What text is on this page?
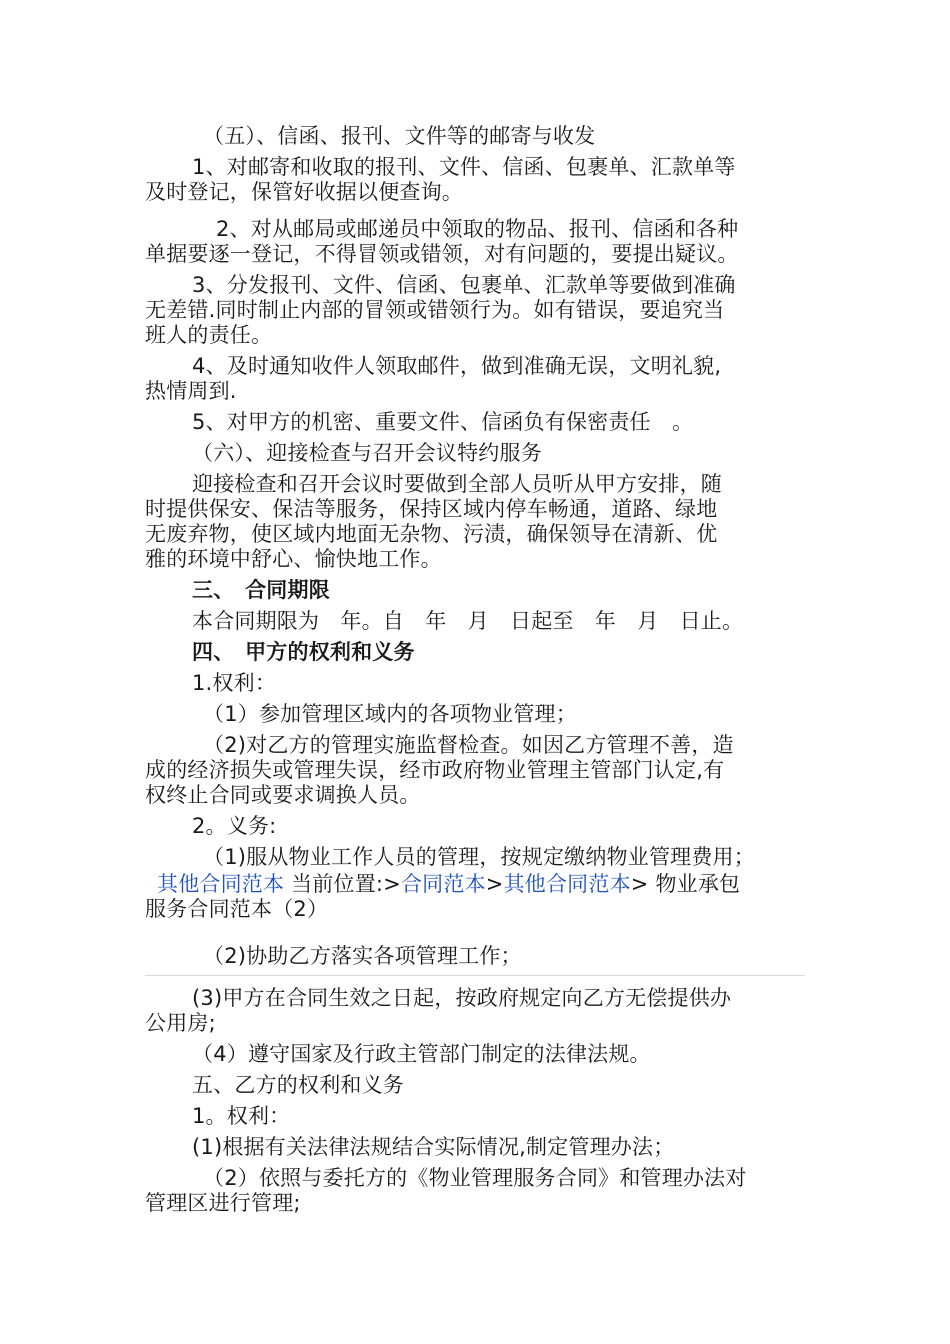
（五）、信函、报刊、文件等的邮寄与收发

1、对邮寄和收取的报刊、文件、信函、包裹单、汇款单等

及时登记，保管好收据以便查询。

2、对从邮局或邮递员中领取的物品、报刊、信函和各种

单据要逐一登记，不得冒领或错领，对有问题的，要提出疑议。

3、分发报刊、文件、信函、包裹单、汇款单等要做到准确

无差错.同时制止内部的冒领或错领行为。如有错误，要追究当

班人的责任。

4、及时通知收件人领取邮件，做到准确无误，文明礼貌,

热情周到.

5、对甲方的机密、重要文件、信函负有保密责任　。

（六）、迎接检查与召开会议特约服务

迎接检查和召开会议时要做到全部人员听从甲方安排，随

时提供保安、保洁等服务，保持区域内停车畅通，道路、绿地

无废弃物，使区域内地面无杂物、污渍，确保领导在清新、优

雅的环境中舒心、愉快地工作。

三、　合同期限

本合同期限为　年。自　年　月　日起至　年　月　日止。

四、　甲方的权利和义务

1.权利：

（1）参加管理区域内的各项物业管理；

（2)对乙方的管理实施监督检查。如因乙方管理不善，造

成的经济损失或管理失误，经市政府物业管理主管部门认定,有

权终止合同或要求调换人员。

2。义务:

（1)服从物业工作人员的管理，按规定缴纳物业管理费用；

其他合同范本 当前位置:>合同范本>其他合同范本> 物业承包

服务合同范本（2）

（2)协助乙方落实各项管理工作；

(3)甲方在合同生效之日起，按政府规定向乙方无偿提供办

公用房;

（4）遵守国家及行政主管部门制定的法律法规。

五、乙方的权利和义务

1。权利：

(1)根据有关法律法规结合实际情况,制定管理办法；

（2）依照与委托方的《物业管理服务合同》和管理办法对

管理区进行管理;
